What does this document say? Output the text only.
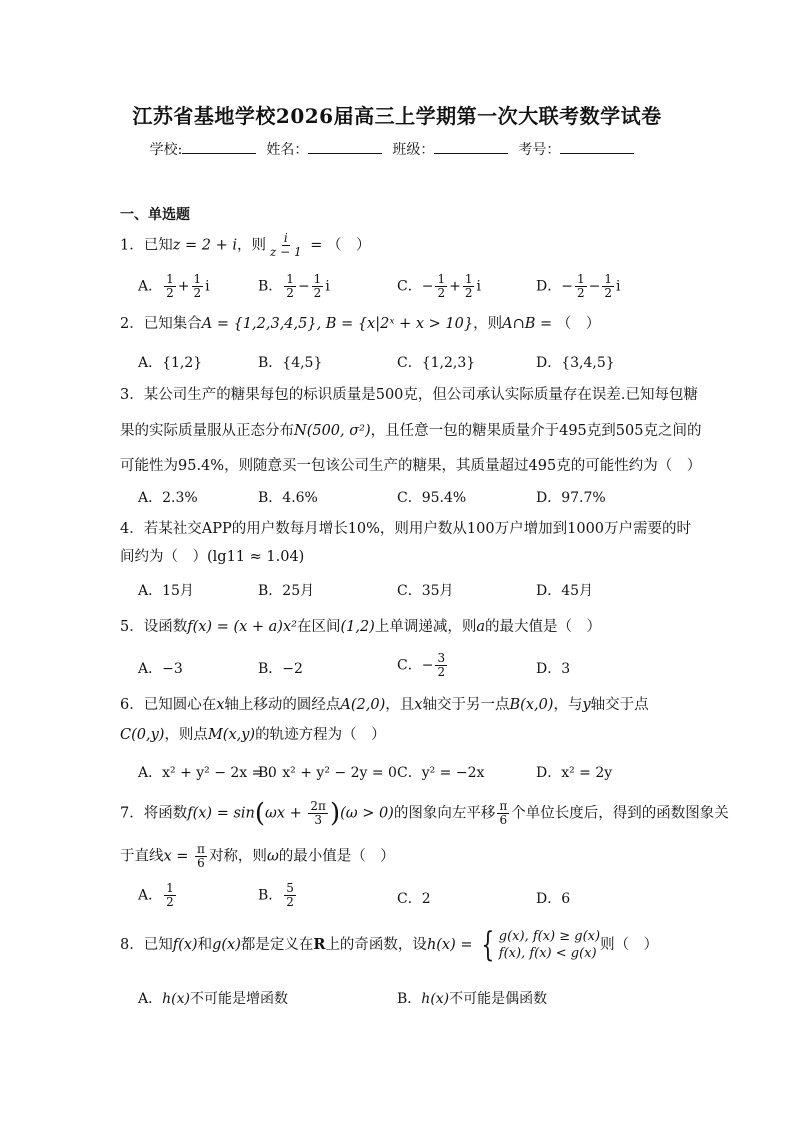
江苏省基地学校2026届高三上学期第一次大联考数学试卷
学校:	姓名：	班级：	考号：
一、单选题
1．已知z = 2 + i，则 $\frac{i}{z - 1}$ = （　）
A． $\frac{1}{2} + \frac{1}{2}$ i	B． $\frac{1}{2} - \frac{1}{2}$ i	C．− $\frac{1}{2} + \frac{1}{2}$ i	D．− $\frac{1}{2} - \frac{1}{2}$ i
2．已知集合A = {1,2,3,4,5}, B = {x|2ˣ + x > 10}，则A∩B = （　）
A．{1,2}	B．{4,5}	C．{1,2,3}	D．{3,4,5}
3．某公司生产的糖果每包的标识质量是500克，但公司承认实际质量存在误差.已知每包糖
果的实际质量服从正态分布N(500, σ²)，且任意一包的糖果质量介于495克到505克之间的
可能性为95.4%，则随意买一包该公司生产的糖果，其质量超过495克的可能性约为（　）
A．2.3%	B．4.6%	C．95.4%	D．97.7%
4．若某社交APP的用户数每月增长10%，则用户数从100万户增加到1000万户需要的时
间约为（　）(lg11 ≈ 1.04)
A．15月	B．25月	C．35月	D．45月
5．设函数f(x) = (x + a)x²在区间(1,2)上单调递减，则a的最大值是（　）
A．−3	B．−2	C．− $\frac{3}{2}$	D．3
6．已知圆心在x轴上移动的圆经点A(2,0)，且x轴交于另一点B(x,0)，与y轴交于点
C(0,y)，则点M(x,y)的轨迹方程为（　）
A．x² + y² − 2x = 0
B．x² + y² − 2y = 0 C．y² = −2x	D．x² = 2y
7．将函数$f(x) = \sin(\omega x + \frac{2\pi}{3} )(\omega > 0)$的图象向左平移 $\frac{\pi}{6}$ 个单位长度后，得到的函数图象关
于直线$x = \frac{\pi}{6}$ 对称，则ω的最小值是（　）
A． $\frac{1}{2}$	B． $\frac{5}{2}$	C．2	D．6
8．已知f(x)和g(x)都是定义在R上的奇函数，设h(x) = { g(x), f(x) ≥ g(x)
f(x), f(x) < g(x)
则（　）
A．h(x)不可能是增函数	B．h(x)不可能是偶函数
